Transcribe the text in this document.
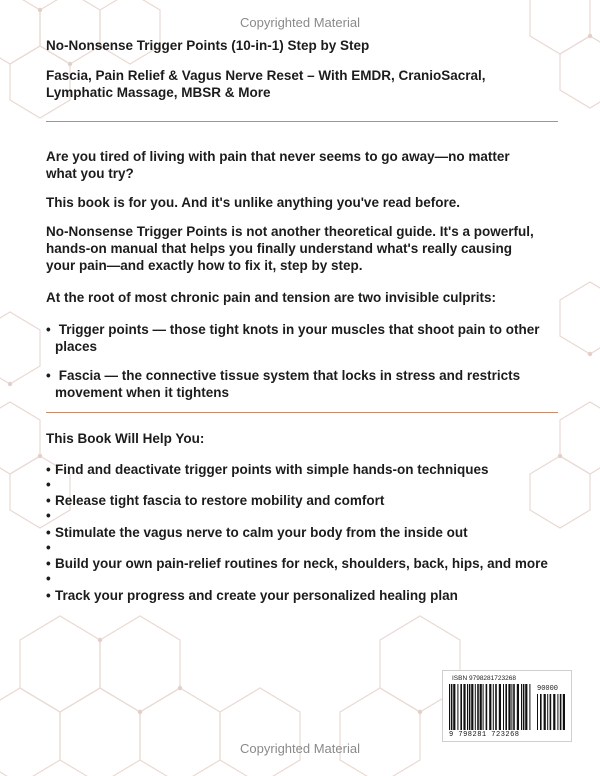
Copyrighted Material
Copyrighted Material
No-Nonsense Trigger Points (10-in-1) Step by Step
Fascia, Pain Relief & Vagus Nerve Reset – With EMDR, CranioSacral,
Lymphatic Massage, MBSR & More
Are you tired of living with pain that never seems to go away—no matter
what you try?
This book is for you. And it's unlike anything you've read before.
No-Nonsense Trigger Points is not another theoretical guide. It's a powerful,
hands-on manual that helps you finally understand what's really causing
your pain—and exactly how to fix it, step by step.
At the root of most chronic pain and tension are two invisible culprits:
• Trigger points — those tight knots in your muscles that shoot pain to other
places
• Fascia — the connective tissue system that locks in stress and restricts
movement when it tightens
This Book Will Help You:
• Find and deactivate trigger points with simple hands-on techniques
•
• Release tight fascia to restore mobility and comfort
•
• Stimulate the vagus nerve to calm your body from the inside out
•
• Build your own pain-relief routines for neck, shoulders, back, hips, and more
•
• Track your progress and create your personalized healing plan
ISBN 9798281723268
90000
9 798281 723268
